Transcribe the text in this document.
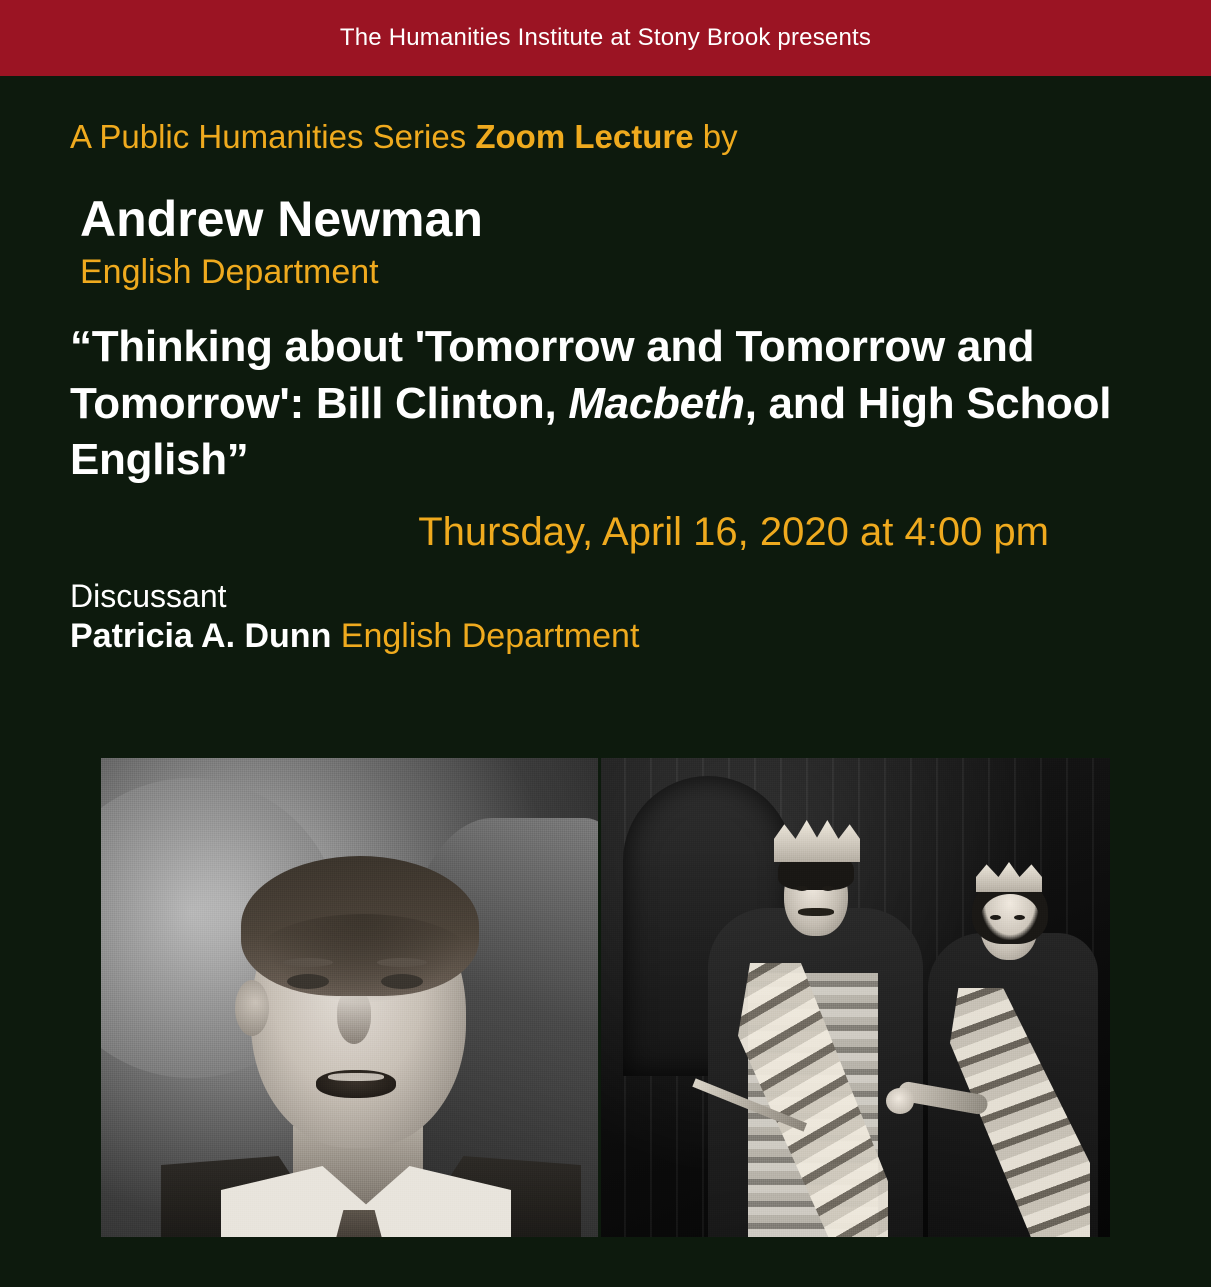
The Humanities Institute at Stony Brook presents
A Public Humanities Series Zoom Lecture by
Andrew Newman
English Department
“Thinking about 'Tomorrow and Tomorrow and Tomorrow': Bill Clinton, Macbeth, and High School English”
Thursday, April 16, 2020 at 4:00 pm
Discussant
Patricia A. Dunn English Department
